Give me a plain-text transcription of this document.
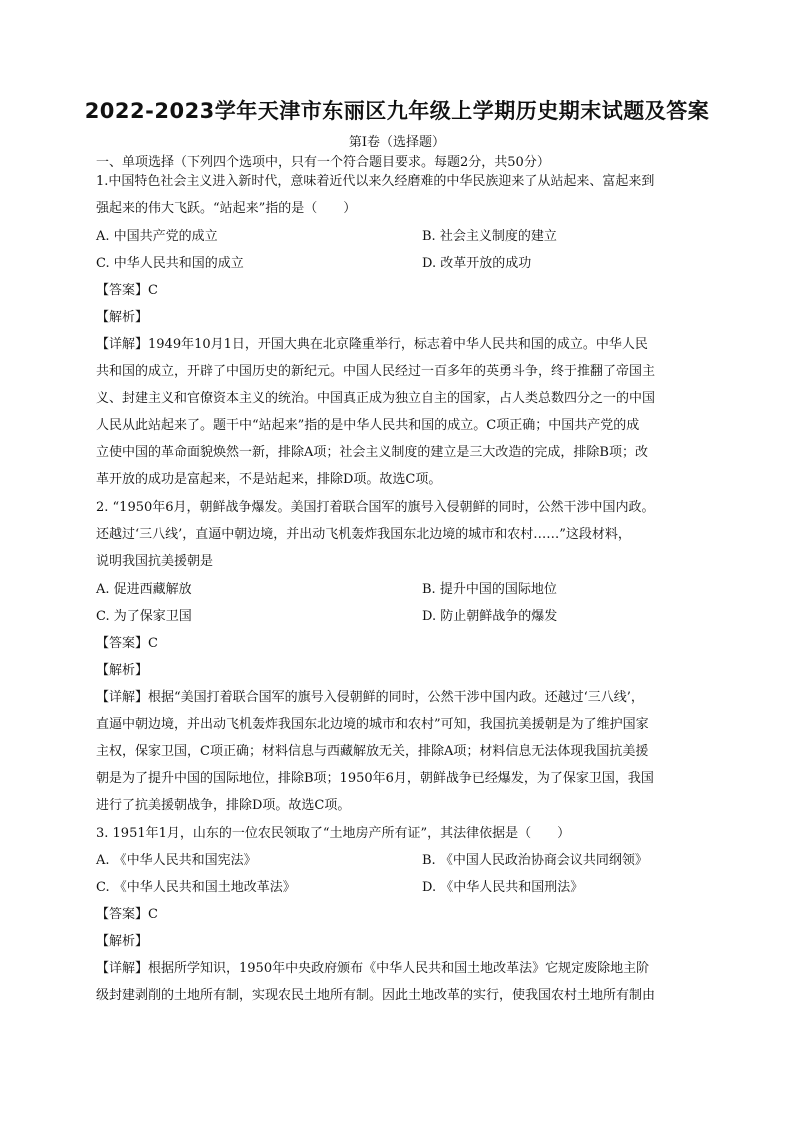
2022-2023学年天津市东丽区九年级上学期历史期末试题及答案
第I卷（选择题）
一、单项选择（下列四个选项中，只有一个符合题目要求。每题2分，共50分）
1.中国特色社会主义进入新时代，意味着近代以来久经磨难的中华民族迎来了从站起来、富起来到
强起来的伟大飞跃。“站起来”指的是（　　）
A. 中国共产党的成立	B. 社会主义制度的建立
C. 中华人民共和国的成立	D. 改革开放的成功
【答案】C
【解析】
【详解】1949年10月1日，开国大典在北京隆重举行，标志着中华人民共和国的成立。中华人民
共和国的成立，开辟了中国历史的新纪元。中国人民经过一百多年的英勇斗争，终于推翻了帝国主
义、封建主义和官僚资本主义的统治。中国真正成为独立自主的国家，占人类总数四分之一的中国
人民从此站起来了。题干中“站起来”指的是中华人民共和国的成立。C项正确；中国共产党的成
立使中国的革命面貌焕然一新，排除A项；社会主义制度的建立是三大改造的完成，排除B项；改
革开放的成功是富起来，不是站起来，排除D项。故选C项。
2. “1950年6月，朝鲜战争爆发。美国打着联合国军的旗号入侵朝鲜的同时，公然干涉中国内政。
还越过‘三八线’，直逼中朝边境，并出动飞机轰炸我国东北边境的城市和农村……”这段材料，
说明我国抗美援朝是
A. 促进西藏解放	B. 提升中国的国际地位
C. 为了保家卫国	D. 防止朝鲜战争的爆发
【答案】C
【解析】
【详解】根据“美国打着联合国军的旗号入侵朝鲜的同时，公然干涉中国内政。还越过‘三八线’，
直逼中朝边境，并出动飞机轰炸我国东北边境的城市和农村”可知，我国抗美援朝是为了维护国家
主权，保家卫国，C项正确；材料信息与西藏解放无关，排除A项；材料信息无法体现我国抗美援
朝是为了提升中国的国际地位，排除B项；1950年6月，朝鲜战争已经爆发，为了保家卫国，我国
进行了抗美援朝战争，排除D项。故选C项。
3. 1951年1月，山东的一位农民领取了“土地房产所有证”，其法律依据是（　　）
A. 《中华人民共和国宪法》	B. 《中国人民政治协商会议共同纲领》
C. 《中华人民共和国土地改革法》	D. 《中华人民共和国刑法》
【答案】C
【解析】
【详解】根据所学知识，1950年中央政府颁布《中华人民共和国土地改革法》它规定废除地主阶
级封建剥削的土地所有制，实现农民土地所有制。因此土地改革的实行，使我国农村土地所有制由
